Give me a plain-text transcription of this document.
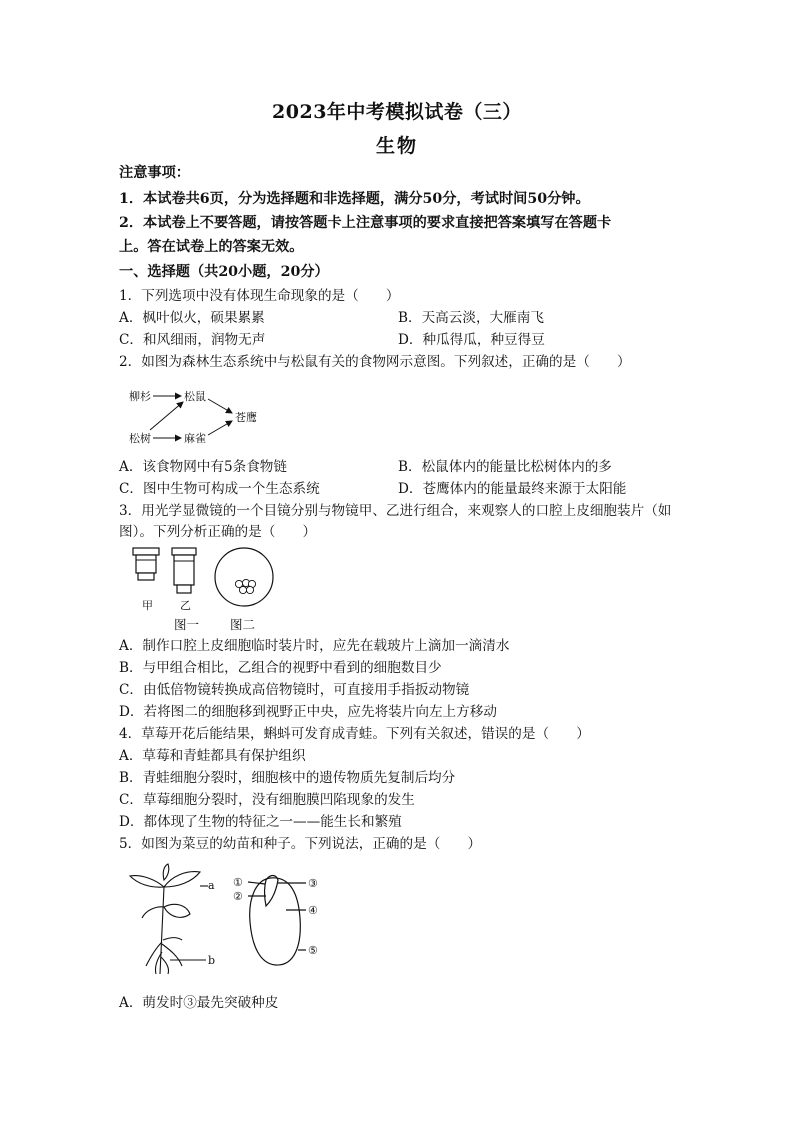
2023年中考模拟试卷（三）
生物
注意事项：
1．本试卷共6页，分为选择题和非选择题，满分50分，考试时间50分钟。
2．本试卷上不要答题，请按答题卡上注意事项的要求直接把答案填写在答题卡
上。答在试卷上的答案无效。
一、选择题（共20小题，20分）
1．下列选项中没有体现生命现象的是（　　）
A．枫叶似火，硕果累累	B．天高云淡，大雁南飞
C．和风细雨，润物无声	D．种瓜得瓜，种豆得豆
2．如图为森林生态系统中与松鼠有关的食物网示意图。下列叙述，正确的是（　　）
柳杉
松树
松鼠
麻雀
苍鹰
A．该食物网中有5条食物链	B．松鼠体内的能量比松树体内的多
C．图中生物可构成一个生态系统	D．苍鹰体内的能量最终来源于太阳能
3．用光学显微镜的一个目镜分别与物镜甲、乙进行组合，来观察人的口腔上皮细胞装片（如
图）。下列分析正确的是（　　）
甲 乙
图一 图二
A．制作口腔上皮细胞临时装片时，应先在载玻片上滴加一滴清水
B．与甲组合相比，乙组合的视野中看到的细胞数目少
C．由低倍物镜转换成高倍物镜时，可直接用手指扳动物镜
D．若将图二的细胞移到视野正中央，应先将装片向左上方移动
4．草莓开花后能结果，蝌蚪可发育成青蛙。下列有关叙述，错误的是（　　）
A．草莓和青蛙都具有保护组织
B．青蛙细胞分裂时，细胞核中的遗传物质先复制后均分
C．草莓细胞分裂时，没有细胞膜凹陷现象的发生
D．都体现了生物的特征之一——能生长和繁殖
5．如图为菜豆的幼苗和种子。下列说法，正确的是（　　）
a
b
①
②
③
④
⑤
A．萌发时③最先突破种皮
